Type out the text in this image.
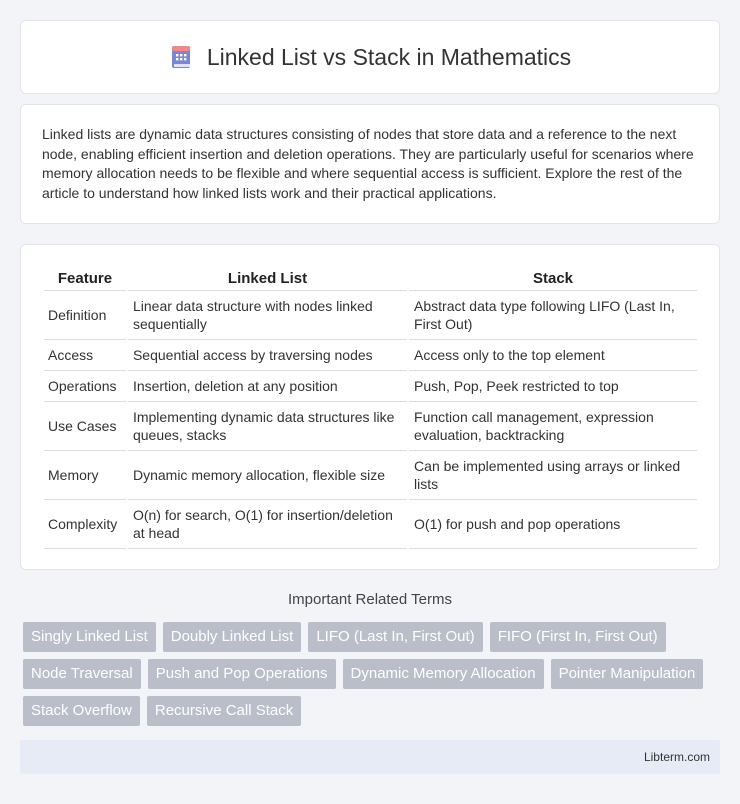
Linked List vs Stack in Mathematics

Linked lists are dynamic data structures consisting of nodes that store data and a reference to the next node, enabling efficient insertion and deletion operations. They are particularly useful for scenarios where memory allocation needs to be flexible and where sequential access is sufficient. Explore the rest of the article to understand how linked lists work and their practical applications.

Feature	Linked List	Stack
Definition	Linear data structure with nodes linked sequentially	Abstract data type following LIFO (Last In, First Out)
Access	Sequential access by traversing nodes	Access only to the top element
Operations	Insertion, deletion at any position	Push, Pop, Peek restricted to top
Use Cases	Implementing dynamic data structures like queues, stacks	Function call management, expression evaluation, backtracking
Memory	Dynamic memory allocation, flexible size	Can be implemented using arrays or linked lists
Complexity	O(n) for search, O(1) for insertion/deletion at head	O(1) for push and pop operations
Important Related Terms
Singly Linked List	Doubly Linked List	LIFO (Last In, First Out)	FIFO (First In, First Out)
Node Traversal	Push and Pop Operations	Dynamic Memory Allocation	Pointer Manipulation
Stack Overflow	Recursive Call Stack
Libterm.com
